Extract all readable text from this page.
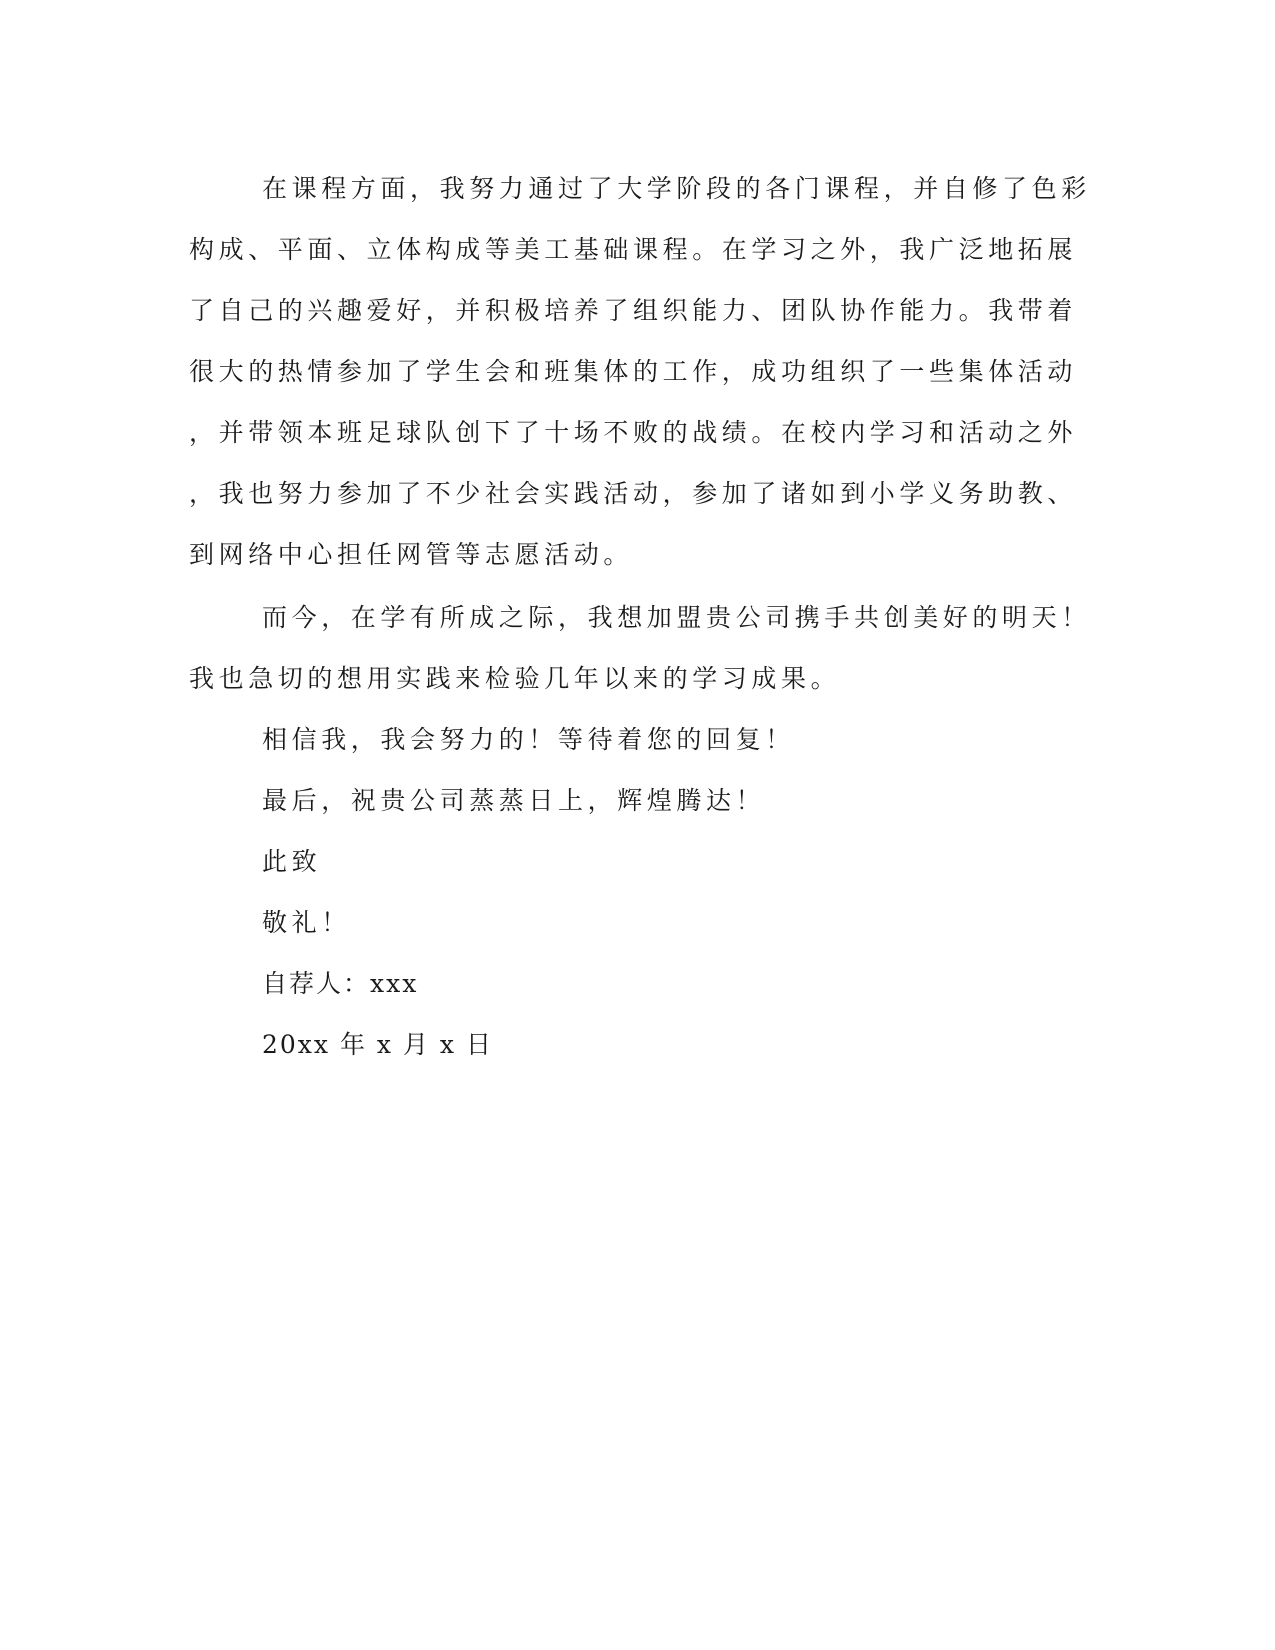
在课程方面，我努力通过了大学阶段的各门课程，并自修了色彩
构成、平面、立体构成等美工基础课程。在学习之外，我广泛地拓展
了自己的兴趣爱好，并积极培养了组织能力、团队协作能力。我带着
很大的热情参加了学生会和班集体的工作，成功组织了一些集体活动
，并带领本班足球队创下了十场不败的战绩。在校内学习和活动之外
，我也努力参加了不少社会实践活动，参加了诸如到小学义务助教、
到网络中心担任网管等志愿活动。
而今，在学有所成之际，我想加盟贵公司携手共创美好的明天！
我也急切的想用实践来检验几年以来的学习成果。
相信我，我会努力的！等待着您的回复！
最后，祝贵公司蒸蒸日上，辉煌腾达！
此致
敬礼！
自荐人：xxx
20xx 年 x 月 x 日
